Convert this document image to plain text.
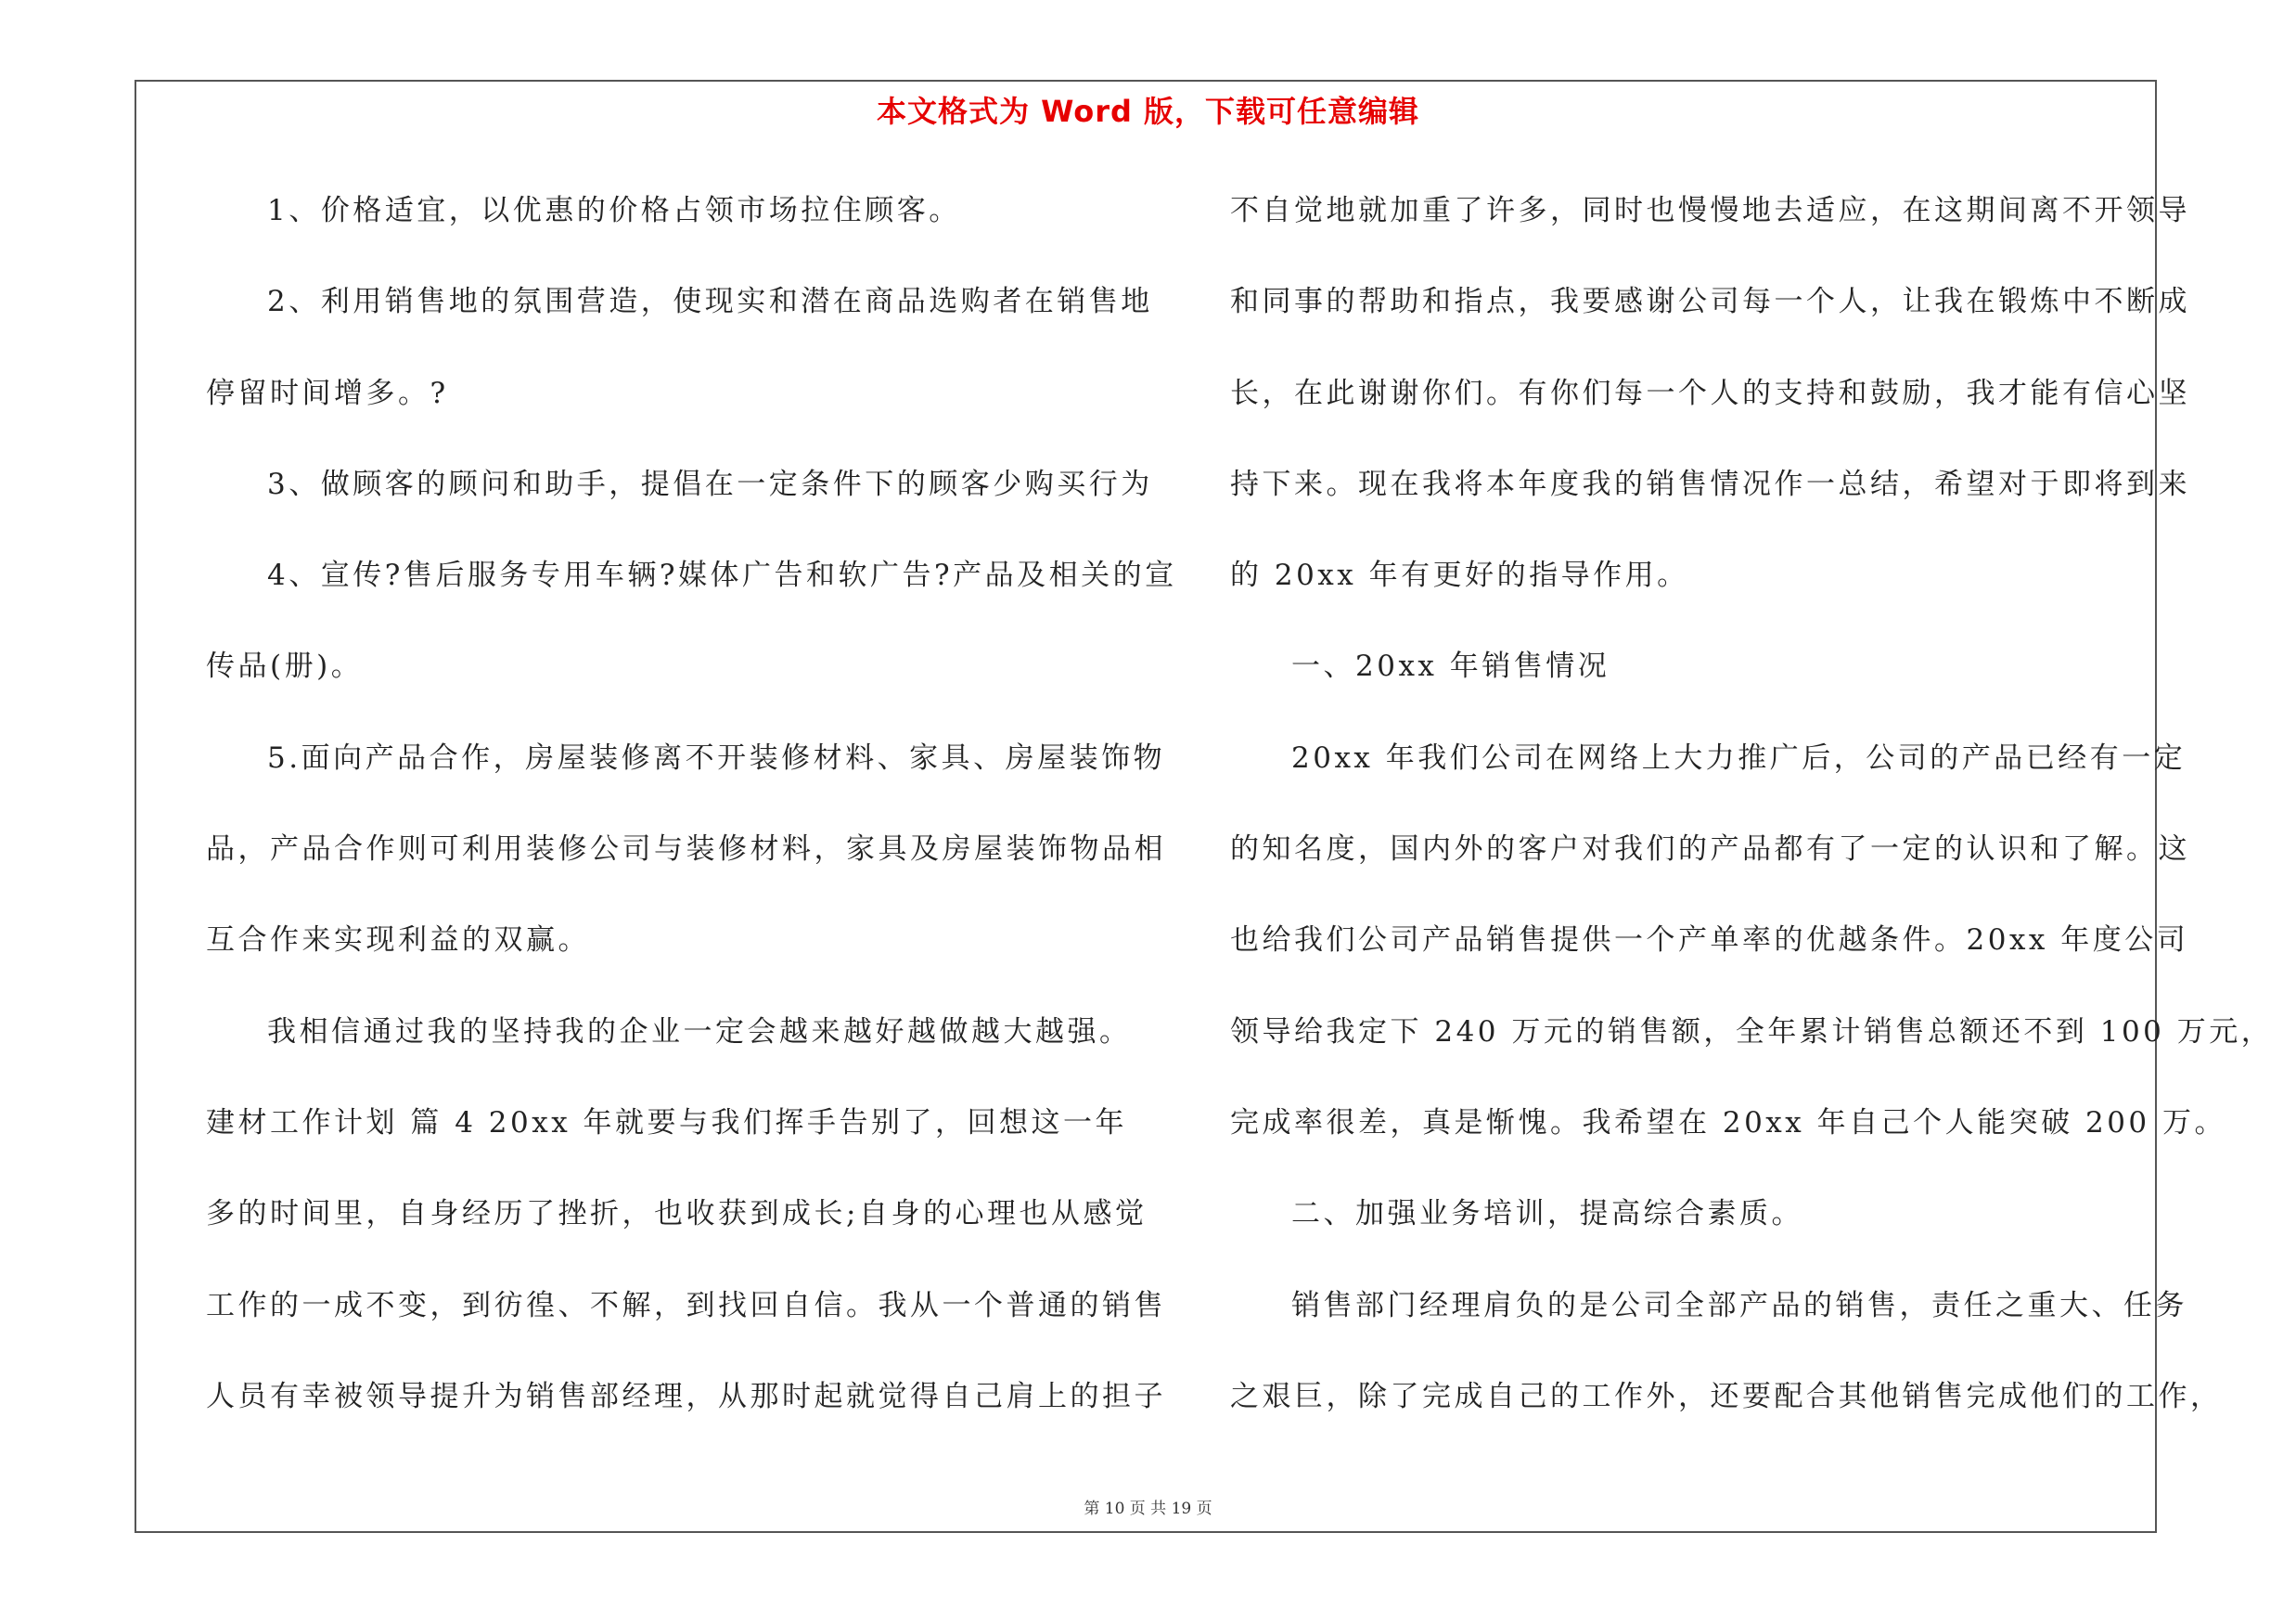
本文格式为 Word 版，下载可任意编辑
1、价格适宜，以优惠的价格占领市场拉住顾客。
2、利用销售地的氛围营造，使现实和潜在商品选购者在销售地
停留时间增多。?
3、做顾客的顾问和助手，提倡在一定条件下的顾客少购买行为
4、宣传?售后服务专用车辆?媒体广告和软广告?产品及相关的宣
传品(册)。
5.面向产品合作，房屋装修离不开装修材料、家具、房屋装饰物
品，产品合作则可利用装修公司与装修材料，家具及房屋装饰物品相
互合作来实现利益的双赢。
我相信通过我的坚持我的企业一定会越来越好越做越大越强。
建材工作计划 篇 4 20xx 年就要与我们挥手告别了，回想这一年
多的时间里，自身经历了挫折，也收获到成长;自身的心理也从感觉
工作的一成不变，到彷徨、不解，到找回自信。我从一个普通的销售
人员有幸被领导提升为销售部经理，从那时起就觉得自己肩上的担子
不自觉地就加重了许多，同时也慢慢地去适应，在这期间离不开领导
和同事的帮助和指点，我要感谢公司每一个人，让我在锻炼中不断成
长，在此谢谢你们。有你们每一个人的支持和鼓励，我才能有信心坚
持下来。现在我将本年度我的销售情况作一总结，希望对于即将到来
的 20xx 年有更好的指导作用。
一、20xx 年销售情况
20xx 年我们公司在网络上大力推广后，公司的产品已经有一定
的知名度，国内外的客户对我们的产品都有了一定的认识和了解。这
也给我们公司产品销售提供一个产单率的优越条件。20xx 年度公司
领导给我定下 240 万元的销售额，全年累计销售总额还不到 100 万元，
完成率很差，真是惭愧。我希望在 20xx 年自己个人能突破 200 万。
二、加强业务培训，提高综合素质。
销售部门经理肩负的是公司全部产品的销售，责任之重大、任务
之艰巨，除了完成自己的工作外，还要配合其他销售完成他们的工作，
第 10 页 共 19 页
